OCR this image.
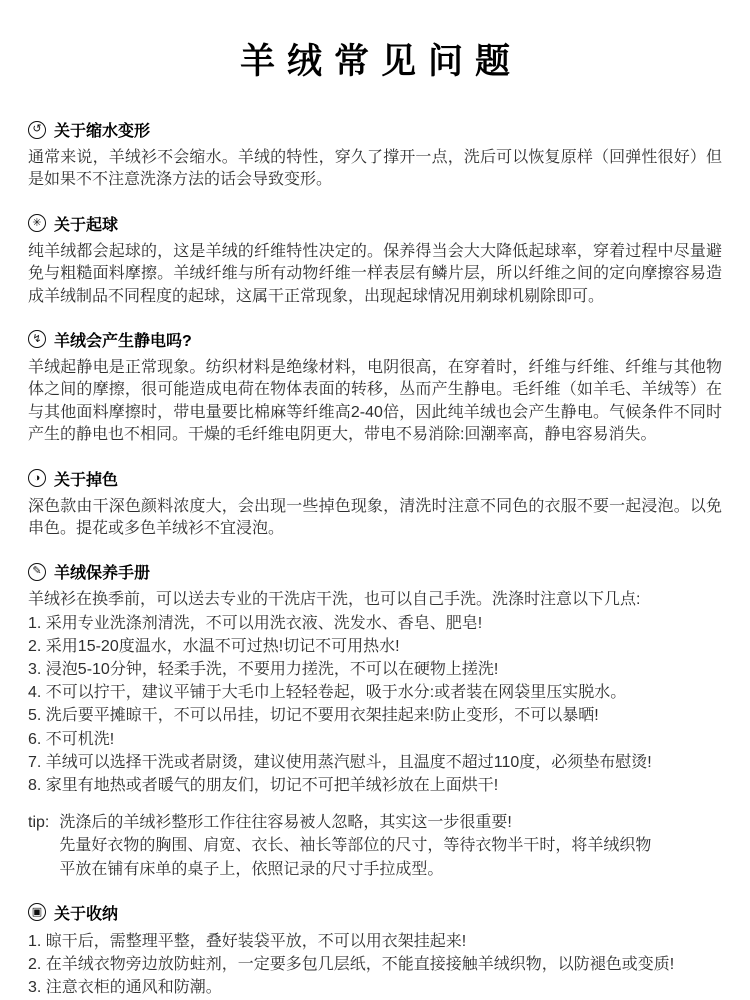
羊绒常见问题
↺ 关于缩水变形

通常来说，羊绒衫不会缩水。羊绒的特性，穿久了撑开一点，洗后可以恢复原样（回弹性很好）但是如果不不注意洗涤方法的话会导致变形。

✳ 关于起球

纯羊绒都会起球的，这是羊绒的纤维特性决定的。保养得当会大大降低起球率，穿着过程中尽量避免与粗糙面料摩擦。羊绒纤维与所有动物纤维一样表层有鳞片层，所以纤维之间的定向摩擦容易造成羊绒制品不同程度的起球，这属干正常现象，出现起球情况用剃球机剔除即可。

↯ 羊绒会产生静电吗?

羊绒起静电是正常现象。纺织材料是绝缘材料，电阴很高，在穿着时，纤维与纤维、纤维与其他物体之间的摩擦，很可能造成电荷在物体表面的转移，丛而产生静电。毛纤维（如羊毛、羊绒等）在与其他面料摩擦时，带电量要比棉麻等纤维高2-40倍，因此纯羊绒也会产生静电。气候条件不同时产生的静电也不相同。干燥的毛纤维电阴更大，带电不易消除:回潮率高，静电容易消失。

◑ 关于掉色

深色款由干深色颜料浓度大，会出现一些掉色现象，清洗时注意不同色的衣服不要一起浸泡。以免串色。提花或多色羊绒衫不宜浸泡。

✎ 羊绒保养手册

羊绒衫在换季前，可以送去专业的干洗店干洗，也可以自己手洗。洗涤时注意以下几点:

1. 采用专业洗涤剂清洗，不可以用洗衣液、洗发水、香皂、肥皂!
2. 采用15-20度温水，水温不可过热!切记不可用热水!
3. 浸泡5-10分钟，轻柔手洗，不要用力搓洗，不可以在硬物上搓洗!
4. 不可以拧干，建议平铺于大毛巾上轻轻卷起，吸于水分:或者装在网袋里压实脱水。
5. 洗后要平摊晾干，不可以吊挂，切记不要用衣架挂起来!防止变形，不可以暴晒!
6. 不可机洗!
7. 羊绒可以选择干洗或者尉烫，建议使用蒸汽慰斗，且温度不超过110度，必须垫布慰烫!
8. 家里有地热或者暖气的朋友们，切记不可把羊绒衫放在上面烘干!
tip: 洗涤后的羊绒衫整形工作往往容易被人忽略，其实这一步很重要!
先量好衣物的胸围、肩宽、衣长、袖长等部位的尺寸，等待衣物半干时，将羊绒织物
平放在铺有床单的桌子上，依照记录的尺寸手拉成型。
▣ 关于收纳
1. 晾干后，需整理平整，叠好装袋平放，不可以用衣架挂起来!
2. 在羊绒衣物旁边放防蛀剂，一定要多包几层纸，不能直接接触羊绒织物，以防褪色或变质!
3. 注意衣柜的通风和防潮。
